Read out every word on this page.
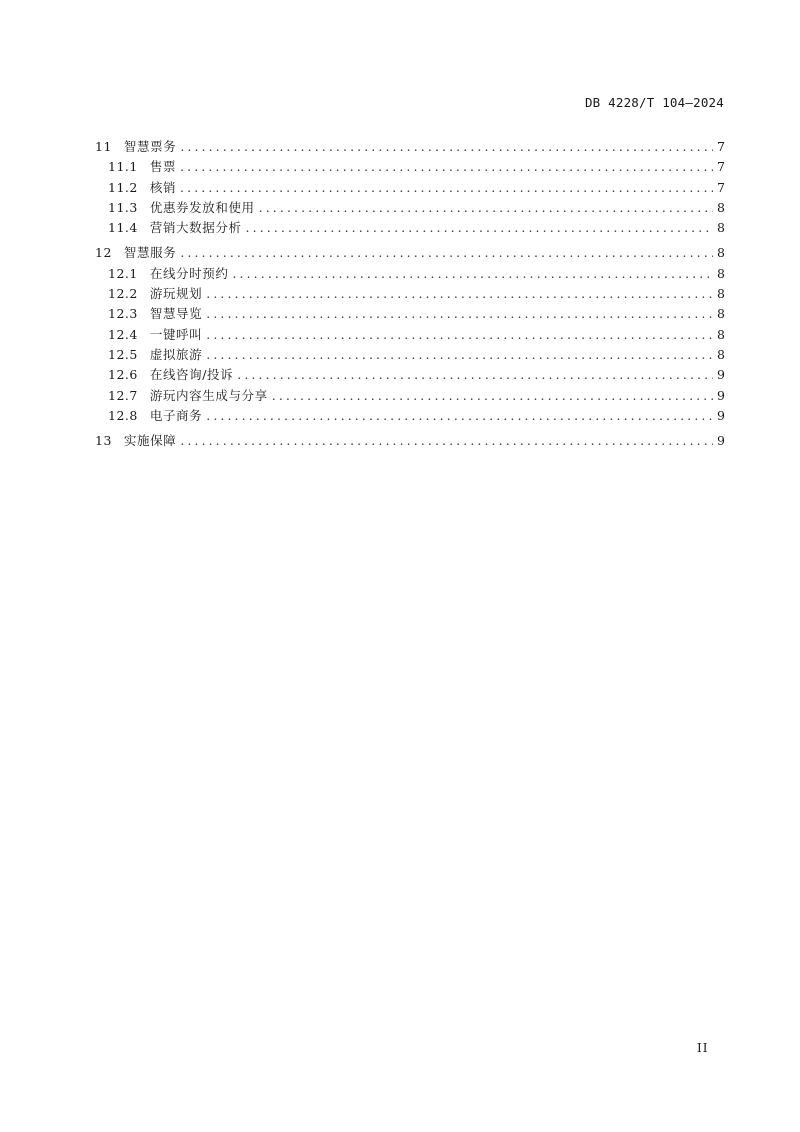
DB 4228/T 104—2024
11 智慧票务 .....	7
11.1 售票 .....	7
11.2 核销 .....	7
11.3 优惠券发放和使用 .....	8
11.4 营销大数据分析 .....	8
12 智慧服务 .....	8
12.1 在线分时预约 .....	8
12.2 游玩规划 .....	8
12.3 智慧导览 .....	8
12.4 一键呼叫 .....	8
12.5 虚拟旅游 .....	8
12.6 在线咨询/投诉 .....	9
12.7 游玩内容生成与分享 .....	9
12.8 电子商务 .....	9
13 实施保障 .....	9
II
